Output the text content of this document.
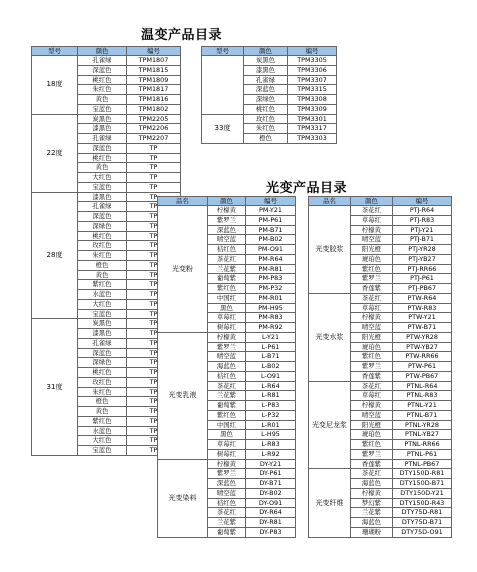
温变产品目录
光变产品目录
型号	颜色	编号
18度	孔雀绿	TPM1807
	深蓝色	TPM1815
	桃红色	TPM1809
	朱红色	TPM1817
	黄色	TPM1816
	宝蓝色	TPM1802
22度	炭黑色	TPM2205
	漆黑色	TPM2206
	孔雀绿	TPM2207
	深蓝色	TP
	桃红色	TP
	黄色	TP
	大红色	TP
	宝蓝色	TP
28度	漆黑色	TP
	孔雀绿	TP
	深蓝色	TP
	深绿色	TP
	桃红色	TP
	玫红色	TP
	朱红色	TP
	橙色	TP
	黄色	TP
	紫红色	TP
	水蓝色	TP
	大红色	TP
	宝蓝色	TP
31度	炭黑色	TP
	漆黑色	TP
	孔雀绿	TP
	深蓝色	TP
	深绿色	TP
	桃红色	TP
	玫红色	TP
	朱红色	TP
	橙色	TP
	黄色	TP
	紫红色	TP
	水蓝色	TP
	大红色	TP
	宝蓝色	TP
型号	颜色	编号
	炭黑色	TPM3305
	漆黑色	TPM3306
	孔雀绿	TPM3307
	深蓝色	TPM3315
	深绿色	TPM3308
	桃红色	TPM3309
33度	玫红色	TPM3301
	朱红色	TPM3317
	橙色	TPM3303
品名	颜色	编号
光变粉	柠檬黄	PM-Y21
	紫罗兰	PM-P61
	深蓝色	PM-B71
	晴空蓝	PM-B02
	桔红色	PM-O91
	茶花红	PM-R64
	兰花紫	PM-R81
	葡萄紫	PM-P83
	紫红色	PM-P32
	中国红	PM-R01
	黑色	PM-H95
	草莓红	PM-R83
	树莓红	PM-R92
光变乳液	柠檬黄	L-Y21
	紫罗兰	L-P61
	晴空蓝	L-B71
	海蓝色	L-B02
	桔红色	L-O91
	茶花红	L-R64
	兰花紫	L-R81
	葡萄紫	L-P83
	紫红色	L-P32
	中国红	L-R01
	黑色	L-H95
	草莓红	L-R83
	树莓红	L-R92
光变染料	柠檬黄	DY-Y21
	紫罗兰	DY-P61
	深蓝色	DY-B71
	晴空蓝	DY-B02
	桔红色	DY-O91
	茶花红	DY-R64
	兰花紫	DY-R81
	葡萄紫	DY-P83
品名	颜色	编号
光变胶浆	茶花红	PTJ-R64
	草莓红	PTJ-R83
	柠檬黄	PTJ-Y21
	晴空蓝	PTJ-B71
	阳光橙	PTJ-YR28
	琥珀色	PTJ-YB27
	紫红色	PTJ-RR66
	紫罗兰	PTJ-P61
	香莲紫	PTJ-PB67
光变水浆	茶花红	PTW-R64
	草莓红	PTW-R83
	柠檬黄	PTW-Y21
	晴空蓝	PTW-B71
	阳光橙	PTW-YR28
	琥珀色	PTW-YB27
	紫红色	PTW-RR66
	紫罗兰	PTW-P61
	香莲紫	PTW-PB67
光变尼龙浆	茶花红	PTNL-R64
	草莓红	PTNL-R83
	柠檬黄	PTNL-Y21
	晴空蓝	PTNL-B71
	阳光橙	PTNL-YR28
	琥珀色	PTNL-YB27
	紫红色	PTNL-RR66
	紫罗兰	PTNL-P61
	香莲紫	PTNL-PB67
光变纤维	茶花红	DTY150D-R81
	海蓝色	DTY150D-B71
	柠檬黄	DTY150D-Y21
	梦幻紫	DTY150D-R43
	兰花紫	DTY75D-R81
	海蓝色	DTY75D-B71
	珊瑚粉	DTY75D-O91
